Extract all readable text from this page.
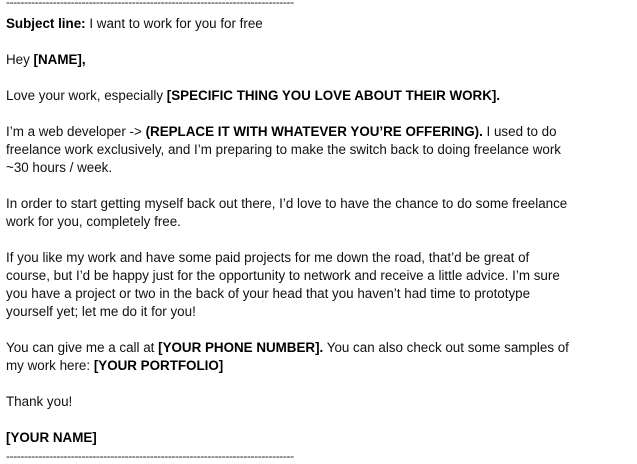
--------------------------------------------------------------------------------
Subject line: I want to work for you for free
Hey [NAME],
Love your work, especially [SPECIFIC THING YOU LOVE ABOUT THEIR WORK].
I’m a web developer -> (REPLACE IT WITH WHATEVER YOU’RE OFFERING). I used to do
freelance work exclusively, and I’m preparing to make the switch back to doing freelance work
~30 hours / week.
In order to start getting myself back out there, I’d love to have the chance to do some freelance
work for you, completely free.
If you like my work and have some paid projects for me down the road, that’d be great of
course, but I’d be happy just for the opportunity to network and receive a little advice. I’m sure
you have a project or two in the back of your head that you haven’t had time to prototype
yourself yet; let me do it for you!
You can give me a call at [YOUR PHONE NUMBER]. You can also check out some samples of
my work here: [YOUR PORTFOLIO]
Thank you!
[YOUR NAME]
--------------------------------------------------------------------------------
